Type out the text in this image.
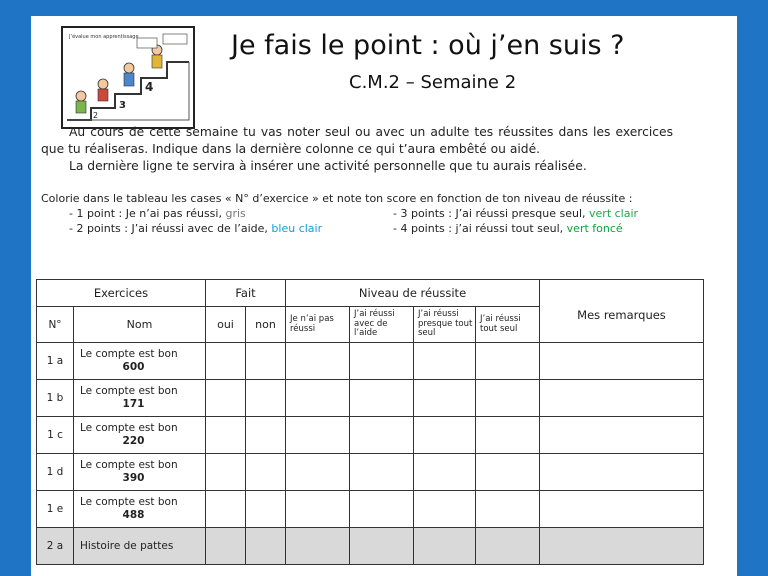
J’évalue mon apprentissage
2
3
4
Je fais le point : où j’en suis ?
C.M.2 – Semaine 2

Au cours de cette semaine tu vas noter seul ou avec un adulte tes réussites dans les exercices que tu réaliseras. Indique dans la dernière colonne ce qui t’aura embêté ou aidé.

La dernière ligne te servira à insérer une activité personnelle que tu aurais réalisée.

Colorie dans le tableau les cases « N° d’exercice » et note ton score en fonction de ton niveau de réussite :
- 1 point : Je n’ai pas réussi, gris	- 3 points : J’ai réussi presque seul, vert clair
- 2 points : J’ai réussi avec de l’aide, bleu clair	- 4 points : j’ai réussi tout seul, vert foncé
Exercices		Fait		Niveau de réussite				Mes remarques
N°	Nom	oui	non	Je n’ai pas réussi	J’ai réussi avec de l’aide	J’ai réussi presque tout seul	J’ai réussi tout seul	
1 a	Le compte est bon
600							

1 b	Le compte est bon
171							

1 c	Le compte est bon
220							

1 d	Le compte est bon
390							

1 e	Le compte est bon
488							

2 a	Histoire de pattes							
